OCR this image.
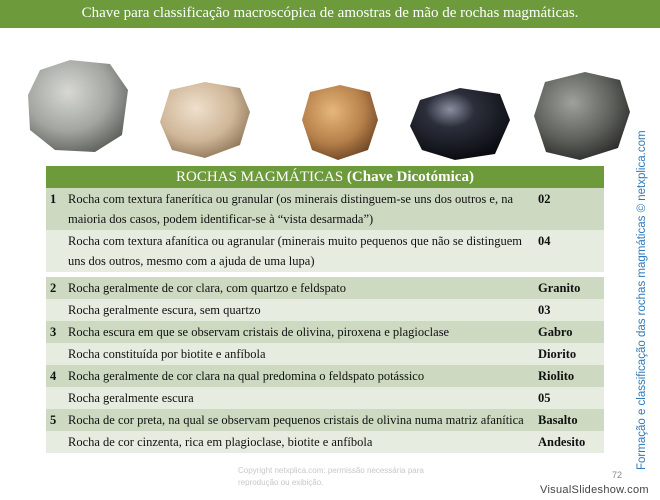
Chave para classificação macroscópica de amostras de mão de rochas magmáticas.
Formação e classificação das rochas magmáticas © netxplica.com
ROCHAS MAGMÁTICAS (Chave Dicotómica)		
1	Rocha com textura fanerítica ou granular (os minerais distinguem-se uns dos outros e, na maioria dos casos, podem identificar-se à “vista desarmada”)	02
	Rocha com textura afanítica ou agranular (minerais muito pequenos que não se distinguem uns dos outros, mesmo com a ajuda de uma lupa)	04

2	Rocha geralmente de cor clara, com quartzo e feldspato	Granito
	Rocha geralmente escura, sem quartzo	03
3	Rocha escura em que se observam cristais de olivina, piroxena e plagioclase	Gabro
	Rocha constituída por biotite e anfíbola	Diorito
4	Rocha geralmente de cor clara na qual predomina o feldspato potássico	Riolito
	Rocha geralmente escura	05
5	Rocha de cor preta, na qual se observam pequenos cristais de olivina numa matriz afanítica	Basalto
	Rocha de cor cinzenta, rica em plagioclase, biotite e anfíbola	Andesito
Copyright netxplica.com: permissão necessária para reprodução ou exibição.
72
VisualSlideshow.com
